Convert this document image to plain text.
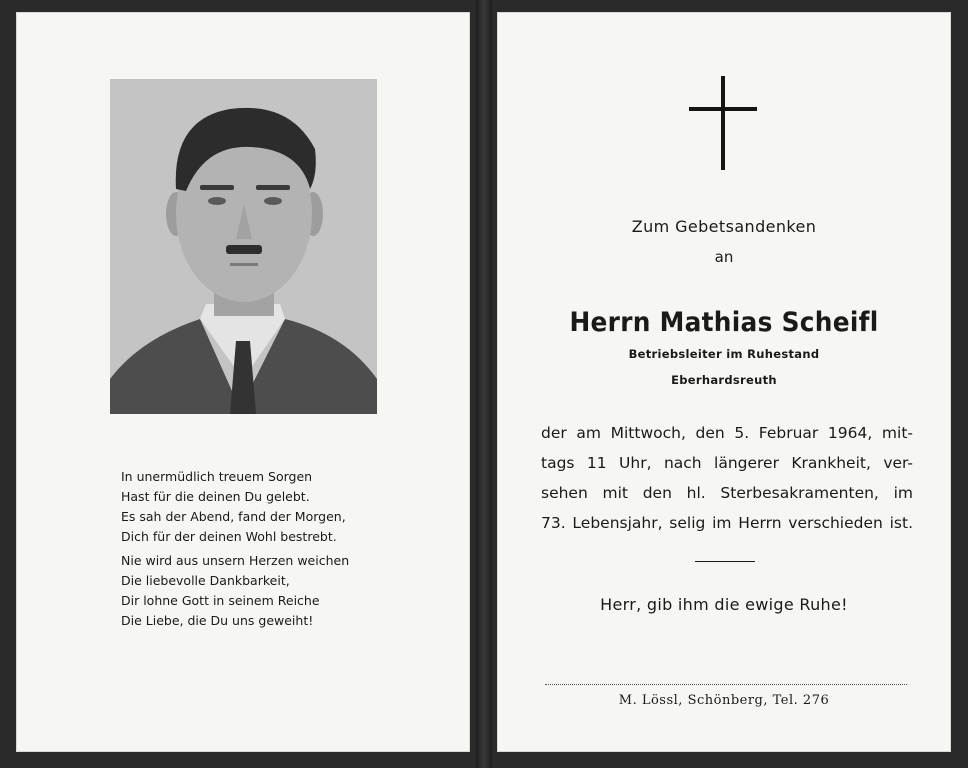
In unermüdlich treuem Sorgen
Hast für die deinen Du gelebt.
Es sah der Abend, fand der Morgen,
Dich für der deinen Wohl bestrebt.
Nie wird aus unsern Herzen weichen
Die liebevolle Dankbarkeit,
Dir lohne Gott in seinem Reiche
Die Liebe, die Du uns geweiht!
Zum Gebetsandenken
an
Herrn Mathias Scheifl
Betriebsleiter im Ruhestand
Eberhardsreuth
der am Mittwoch, den 5. Februar 1964, mit-
tags 11 Uhr, nach längerer Krankheit, ver-
sehen mit den hl. Sterbesakramenten, im
73. Lebensjahr, selig im Herrn verschieden ist.
Herr, gib ihm die ewige Ruhe!
M. Lössl, Schönberg, Tel. 276
